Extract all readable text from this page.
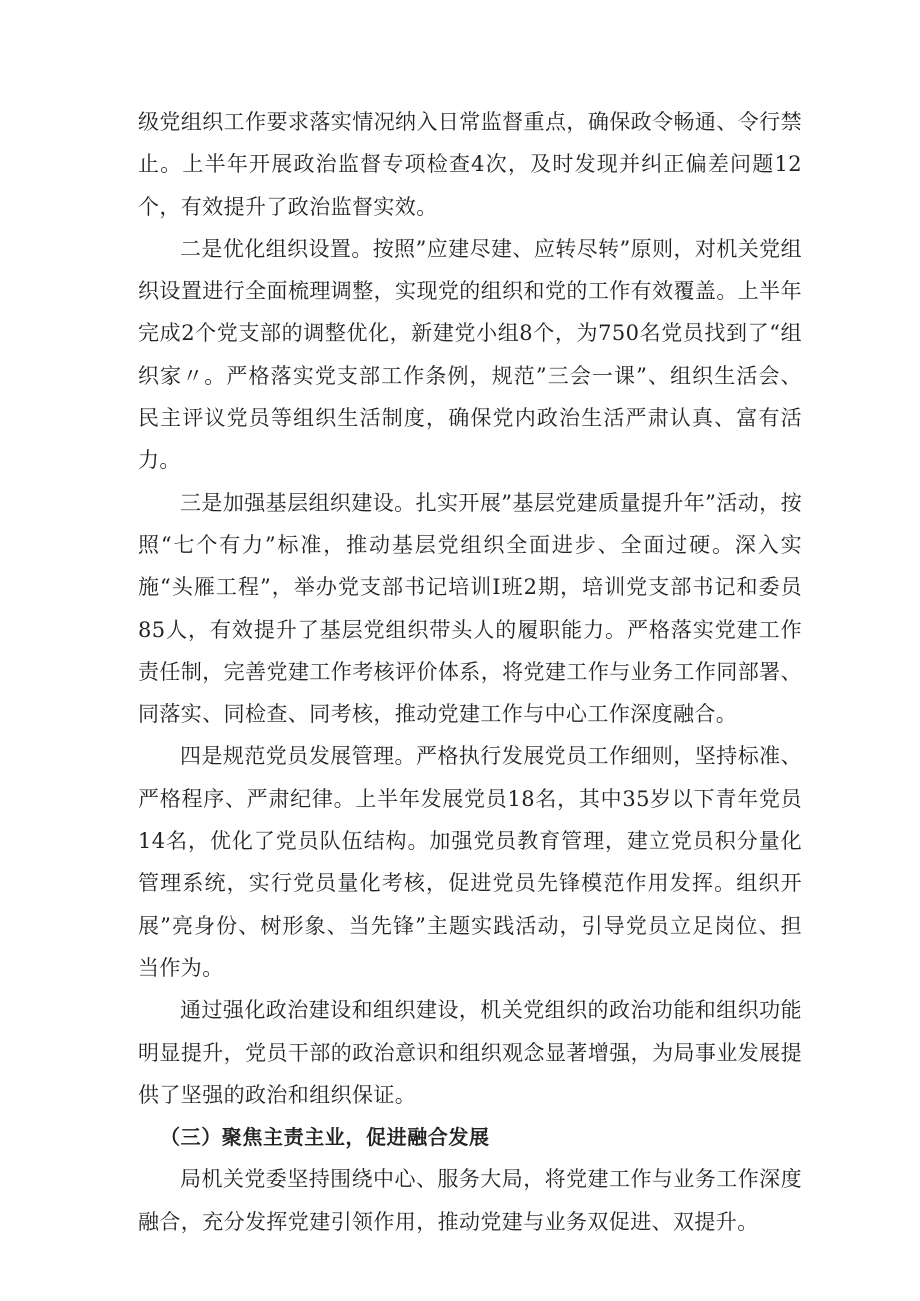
级党组织工作要求落实情况纳入日常监督重点，确保政令畅通、令行禁止。上半年开展政治监督专项检查4次，及时发现并纠正偏差问题12个，有效提升了政治监督实效。

二是优化组织设置。按照”应建尽建、应转尽转”原则，对机关党组织设置进行全面梳理调整，实现党的组织和党的工作有效覆盖。上半年完成2个党支部的调整优化，新建党小组8个，为750名党员找到了“组织家〃。严格落实党支部工作条例，规范”三会一课”、组织生活会、民主评议党员等组织生活制度，确保党内政治生活严肃认真、富有活力。

三是加强基层组织建设。扎实开展”基层党建质量提升年”活动，按照“七个有力”标准，推动基层党组织全面进步、全面过硬。深入实施“头雁工程”，举办党支部书记培训I班2期，培训党支部书记和委员85人，有效提升了基层党组织带头人的履职能力。严格落实党建工作责任制，完善党建工作考核评价体系，将党建工作与业务工作同部署、同落实、同检查、同考核，推动党建工作与中心工作深度融合。

四是规范党员发展管理。严格执行发展党员工作细则，坚持标准、严格程序、严肃纪律。上半年发展党员18名，其中35岁以下青年党员14名，优化了党员队伍结构。加强党员教育管理，建立党员积分量化管理系统，实行党员量化考核，促进党员先锋模范作用发挥。组织开展”亮身份、树形象、当先锋”主题实践活动，引导党员立足岗位、担当作为。

通过强化政治建设和组织建设，机关党组织的政治功能和组织功能明显提升，党员干部的政治意识和组织观念显著增强，为局事业发展提供了坚强的政治和组织保证。

（三）聚焦主责主业，促进融合发展

局机关党委坚持围绕中心、服务大局，将党建工作与业务工作深度融合，充分发挥党建引领作用，推动党建与业务双促进、双提升。
